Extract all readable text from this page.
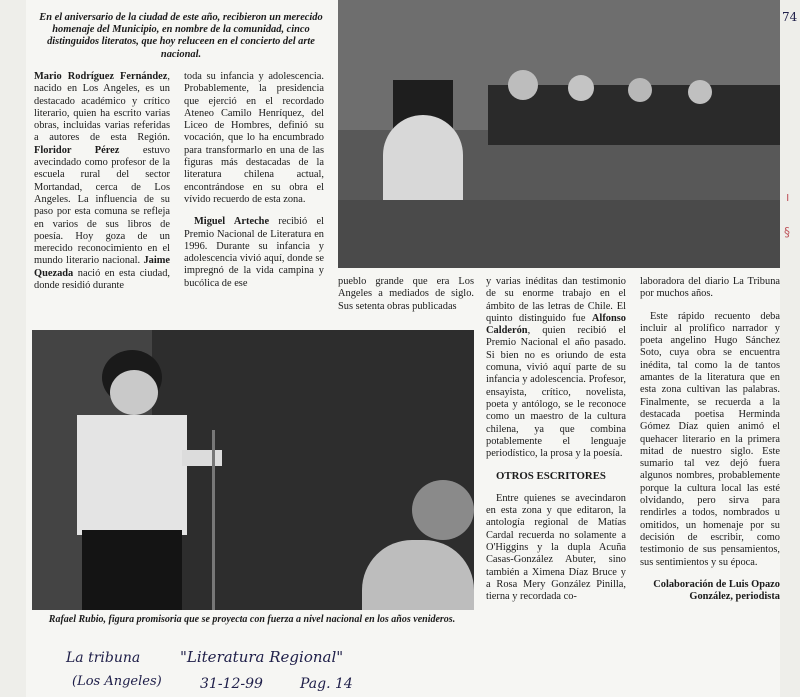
En el aniversario de la ciudad de este año, recibieron un merecido homenaje del Municipio, en nombre de la comunidad, cinco distinguidos literatos, que hoy reluceen en el concierto del arte nacional.

Mario Rodríguez Fernández, nacido en Los Angeles, es un destacado académico y crítico literario, quien ha escrito varias obras, incluidas varias referidas a autores de esta Región. Floridor Pérez estuvo avecindado como profesor de la escuela rural del sector Mortandad, cerca de Los Angeles. La influencia de su paso por esta comuna se refleja en varios de sus libros de poesía. Hoy goza de un merecido reconocimiento en el mundo literario nacional. Jaime Quezada nació en esta ciudad, donde residió durante

toda su infancia y adolescencia. Probablemente, la presidencia que ejerció en el recordado Ateneo Camilo Henríquez, del Liceo de Hombres, definió su vocación, que lo ha encumbrado para transformarlo en una de las figuras más destacadas de la literatura chilena actual, encontrándose en su obra el vívido recuerdo de esta zona.

Miguel Arteche recibió el Premio Nacional de Literatura en 1996. Durante su infancia y adolescencia vivió aquí, donde se impregnó de la vida campina y bucólica de ese	pueblo grande que era Los Angeles a mediados de siglo. Sus setenta obras publicadas

y varias inéditas dan testimonio de su enorme trabajo en el ámbito de las letras de Chile. El quinto distinguido fue Alfonso Calderón, quien recibió el Premio Nacional el año pasado. Si bien no es oriundo de esta comuna, vivió aquí parte de su infancia y adolescencia. Profesor, ensayista, crítico, novelista, poeta y antólogo, se le reconoce como un maestro de la cultura chilena, ya que combina potablemente el lenguaje periodístico, la prosa y la poesía.

OTROS ESCRITORES

Entre quienes se avecindaron en esta zona y que editaron, la antología regional de Matías Cardal recuerda no solamente a O'Higgins y la dupla Acuña Casas-González Abuter, sino también a Ximena Díaz Bruce y a Rosa Mery González Pinilla, tierna y recordada co-

laboradora del diario La Tribuna por muchos años.

Este rápido recuento deba incluir al prolífico narrador y poeta angelino Hugo Sánchez Soto, cuya obra se encuentra inédita, tal como la de tantos amantes de la literatura que en esta zona cultivan las palabras. Finalmente, se recuerda a la destacada poetisa Herminda Gómez Díaz quien animó el quehacer literario en la primera mitad de nuestro siglo. Este sumario tal vez dejó fuera algunos nombres, probablemente porque la cultura local las esté olvidando, pero sirva para rendirles a todos, nombrados u omitidos, un homenaje por su decisión de escribir, como testimonio de sus pensamientos, sus sentimientos y su época.

Colaboración de Luis Opazo González, periodista
Rafael Rubio, figura promisoria que se proyecta con fuerza a nivel nacional en los años venideros.
La tribuna
(Los Angeles)
"Literatura Regional"
31-12-99	Pag. 14
74
ı
§
